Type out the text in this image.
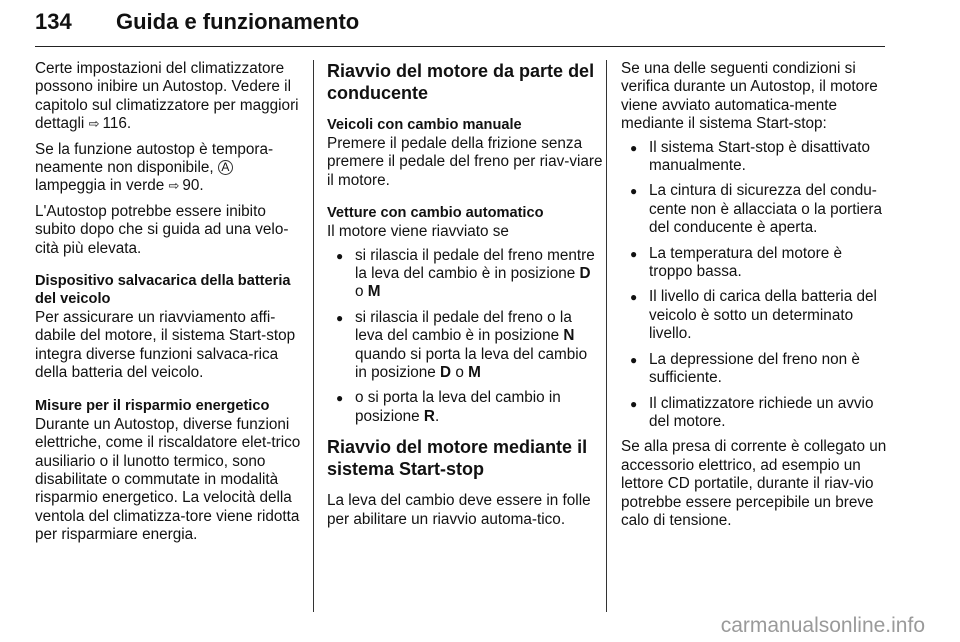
134 Guida e funzionamento

Certe impostazioni del climatizzatore possono inibire un Autostop. Vedere il capitolo sul climatizzatore per maggiori dettagli ⇨ 116.

Se la funzione autostop è tempora-neamente non disponibile, A
lampeggia in verde ⇨ 90.

L'Autostop potrebbe essere inibito subito dopo che si guida ad una velo-cità più elevata.

Dispositivo salvacarica della batteria del veicolo

Per assicurare un riavviamento affi-dabile del motore, il sistema Start-stop integra diverse funzioni salvaca-rica della batteria del veicolo.

Misure per il risparmio energetico

Durante un Autostop, diverse funzioni elettriche, come il riscaldatore elet-trico ausiliario o il lunotto termico, sono disabilitate o commutate in modalità risparmio energetico. La velocità della ventola del climatizza-tore viene ridotta per risparmiare energia.

Riavvio del motore da parte del conducente
Veicoli con cambio manuale

Premere il pedale della frizione senza premere il pedale del freno per riav-viare il motore.

Vetture con cambio automatico

Il motore viene riavviato se

● si rilascia il pedale del freno mentre la leva del cambio è in posizione D o M
● si rilascia il pedale del freno o la leva del cambio è in posizione N quando si porta la leva del cambio in posizione D o M
● o si porta la leva del cambio in posizione R.
Riavvio del motore mediante il sistema Start-stop

La leva del cambio deve essere in folle per abilitare un riavvio automa-tico.

Se una delle seguenti condizioni si verifica durante un Autostop, il motore viene avviato automatica-mente mediante il sistema Start-stop:

● Il sistema Start-stop è disattivato manualmente.
● La cintura di sicurezza del condu-cente non è allacciata o la portiera del conducente è aperta.
● La temperatura del motore è troppo bassa.
● Il livello di carica della batteria del veicolo è sotto un determinato livello.
● La depressione del freno non è sufficiente.
● Il climatizzatore richiede un avvio del motore.

Se alla presa di corrente è collegato un accessorio elettrico, ad esempio un lettore CD portatile, durante il riav-vio potrebbe essere percepibile un breve calo di tensione.

carmanualsonline.info
